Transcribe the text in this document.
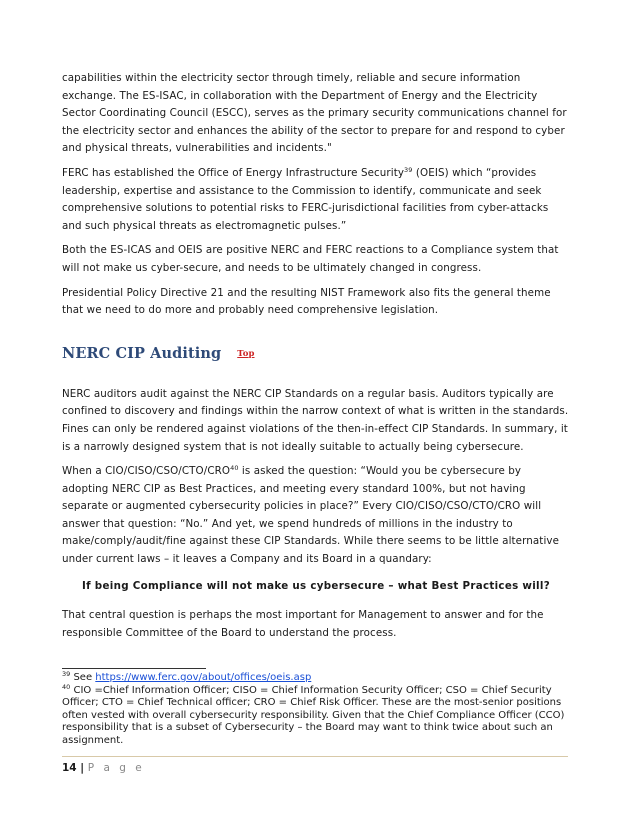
capabilities within the electricity sector through timely, reliable and secure information exchange. The ES-ISAC, in collaboration with the Department of Energy and the Electricity Sector Coordinating Council (ESCC), serves as the primary security communications channel for the electricity sector and enhances the ability of the sector to prepare for and respond to cyber and physical threats, vulnerabilities and incidents."

FERC has established the Office of Energy Infrastructure Security$^{39}$ (OEIS) which “provides leadership, expertise and assistance to the Commission to identify, communicate and seek comprehensive solutions to potential risks to FERC-jurisdictional facilities from cyber-attacks and such physical threats as electromagnetic pulses.”

Both the ES-ICAS and OEIS are positive NERC and FERC reactions to a Compliance system that will not make us cyber-secure, and needs to be ultimately changed in congress.

Presidential Policy Directive 21 and the resulting NIST Framework also fits the general theme that we need to do more and probably need comprehensive legislation.

NERC CIP Auditing Top

NERC auditors audit against the NERC CIP Standards on a regular basis. Auditors typically are confined to discovery and findings within the narrow context of what is written in the standards. Fines can only be rendered against violations of the then-in-effect CIP Standards. In summary, it is a narrowly designed system that is not ideally suitable to actually being cybersecure.

When a CIO/CISO/CSO/CTO/CRO$^{40}$ is asked the question: “Would you be cybersecure by adopting NERC CIP as Best Practices, and meeting every standard 100%, but not having separate or augmented cybersecurity policies in place?” Every CIO/CISO/CSO/CTO/CRO will answer that question: “No.” And yet, we spend hundreds of millions in the industry to make/comply/audit/fine against these CIP Standards. While there seems to be little alternative under current laws – it leaves a Company and its Board in a quandary:

If being Compliance will not make us cybersecure – what Best Practices will?

That central question is perhaps the most important for Management to answer and for the responsible Committee of the Board to understand the process.

$^{39}$ See https://www.ferc.gov/about/offices/oeis.asp
$^{40}$ CIO =Chief Information Officer; CISO = Chief Information Security Officer; CSO = Chief Security Officer; CTO = Chief Technical officer; CRO = Chief Risk Officer. These are the most-senior positions often vested with overall cybersecurity responsibility. Given that the Chief Compliance Officer (CCO) responsibility that is a subset of Cybersecurity – the Board may want to think twice about such an assignment.
14 | P a g e
